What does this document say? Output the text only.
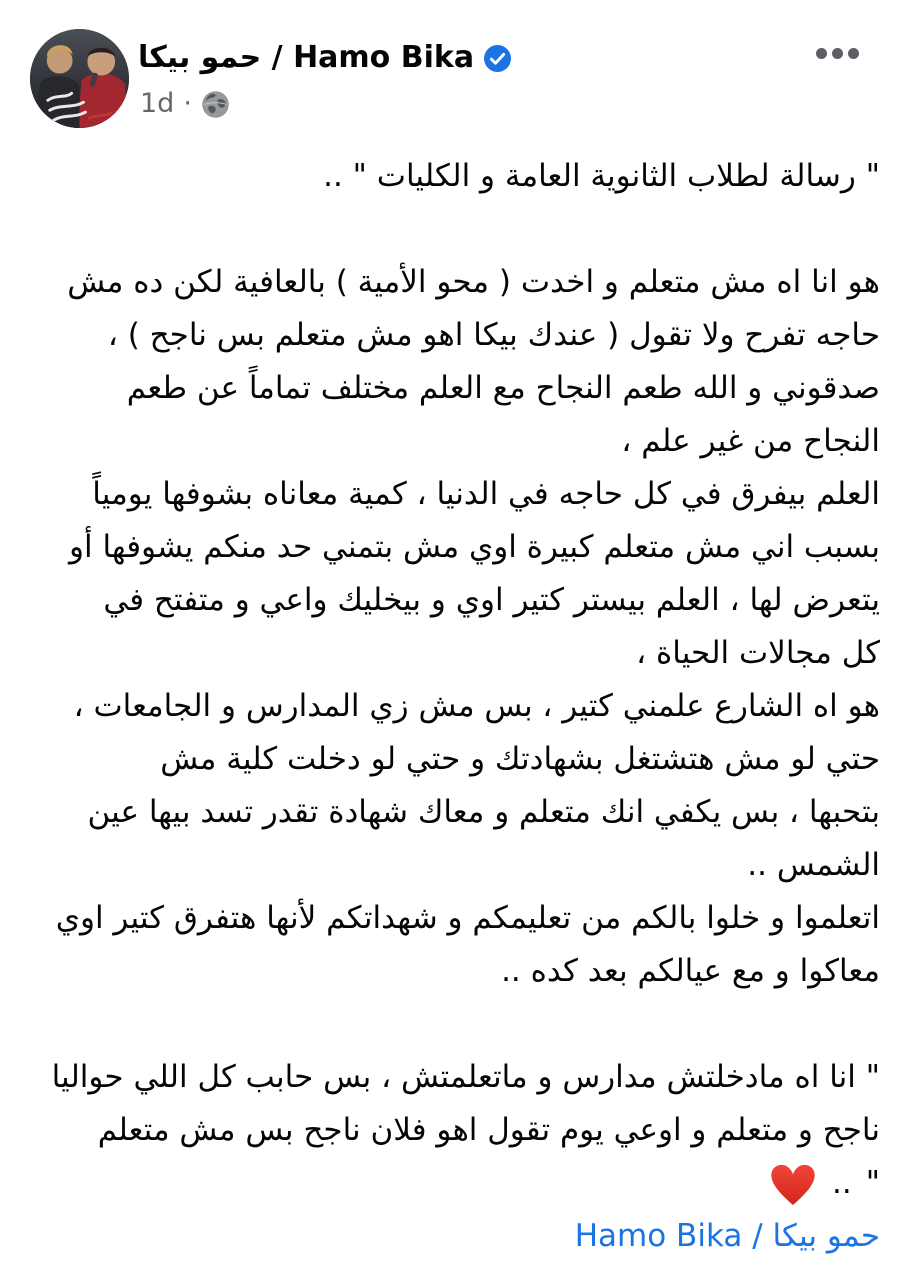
حمو بيكا / Hamo Bika
1d ·
" رسالة لطلاب الثانوية العامة و الكليات " ..
هو انا اه مش متعلم و اخدت ( محو الأمية ) بالعافية لكن ده مش
حاجه تفرح ولا تقول ( عندك بيكا اهو مش متعلم بس ناجح ) ،
صدقوني و الله طعم النجاح مع العلم مختلف تماماً عن طعم
النجاح من غير علم ،
العلم بيفرق في كل حاجه في الدنيا ، كمية معاناه بشوفها يومياً
بسبب اني مش متعلم كبيرة اوي مش بتمني حد منكم يشوفها أو
يتعرض لها ، العلم بيستر كتير اوي و بيخليك واعي و متفتح في
كل مجالات الحياة ،
هو اه الشارع علمني كتير ، بس مش زي المدارس و الجامعات ،
حتي لو مش هتشتغل بشهادتك و حتي لو دخلت كلية مش
بتحبها ، بس يكفي انك متعلم و معاك شهادة تقدر تسد بيها عين
الشمس ..
اتعلموا و خلوا بالكم من تعليمكم و شهداتكم لأنها هتفرق كتير اوي
معاكوا و مع عيالكم بعد كده ..
" انا اه مادخلتش مدارس و ماتعلمتش ، بس حابب كل اللي حواليا
ناجح و متعلم و اوعي يوم تقول اهو فلان ناجح بس مش متعلم
"
..
حمو بيكا / Hamo Bika
